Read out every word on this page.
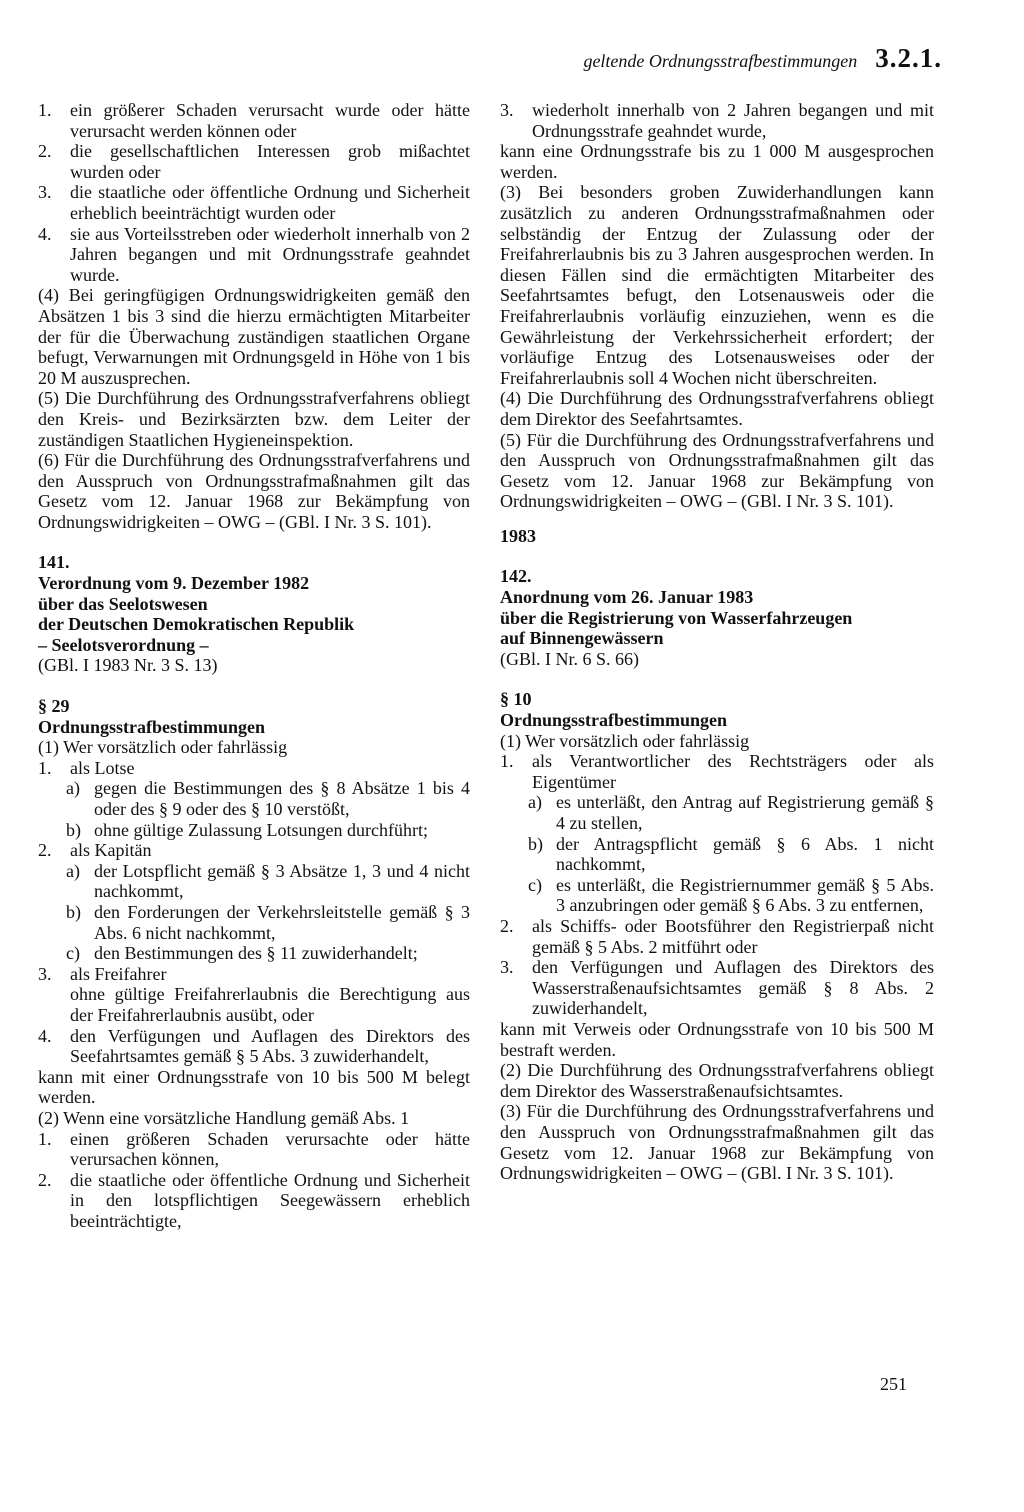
geltende Ordnungsstrafbestimmungen 3.2.1.
1.	ein größerer Schaden verursacht wurde oder hätte verursacht werden können oder
2.	die gesellschaftlichen Interessen grob mißachtet wurden oder
3.	die staatliche oder öffentliche Ordnung und Sicherheit erheblich beeinträchtigt wurden oder
4.	sie aus Vorteilsstreben oder wiederholt innerhalb von 2 Jahren begangen und mit Ordnungsstrafe geahndet wurde.
(4) Bei geringfügigen Ordnungswidrigkeiten gemäß den Absätzen 1 bis 3 sind die hierzu ermächtigten Mitarbeiter der für die Überwachung zuständigen staatlichen Organe befugt, Verwarnungen mit Ordnungsgeld in Höhe von 1 bis 20 M auszusprechen.
(5) Die Durchführung des Ordnungsstrafverfahrens obliegt den Kreis- und Bezirksärzten bzw. dem Leiter der zuständigen Staatlichen Hygieneinspektion.
(6) Für die Durchführung des Ordnungsstrafverfahrens und den Ausspruch von Ordnungsstrafmaßnahmen gilt das Gesetz vom 12. Januar 1968 zur Bekämpfung von Ordnungswidrigkeiten – OWG – (GBl. I Nr. 3 S. 101).
141.
Verordnung vom 9. Dezember 1982
über das Seelotswesen
der Deutschen Demokratischen Republik
– Seelotsverordnung –
(GBl. I 1983 Nr. 3 S. 13)
§ 29
Ordnungsstrafbestimmungen
(1) Wer vorsätzlich oder fahrlässig
1.	als Lotse
a) gegen die Bestimmungen des § 8 Absätze 1 bis 4 oder des § 9 oder des § 10 verstößt,
b) ohne gültige Zulassung Lotsungen durchführt;
2.	als Kapitän
a) der Lotspflicht gemäß § 3 Absätze 1, 3 und 4 nicht nachkommt,
b) den Forderungen der Verkehrsleitstelle gemäß § 3 Abs. 6 nicht nachkommt,
c) den Bestimmungen des § 11 zuwiderhandelt;
3.	als Freifahrer
ohne gültige Freifahrerlaubnis die Berechtigung aus der Freifahrerlaubnis ausübt, oder
4.	den Verfügungen und Auflagen des Direktors des Seefahrtsamtes gemäß § 5 Abs. 3 zuwiderhandelt,
kann mit einer Ordnungsstrafe von 10 bis 500 M belegt werden.
(2) Wenn eine vorsätzliche Handlung gemäß Abs. 1
1.	einen größeren Schaden verursachte oder hätte verursachen können,
2.	die staatliche oder öffentliche Ordnung und Sicherheit in den lotspflichtigen Seegewässern erheblich beeinträchtigte,
3.	wiederholt innerhalb von 2 Jahren begangen und mit Ordnungsstrafe geahndet wurde,
kann eine Ordnungsstrafe bis zu 1 000 M ausgesprochen werden.
(3) Bei besonders groben Zuwiderhandlungen kann zusätzlich zu anderen Ordnungsstrafmaßnahmen oder selbständig der Entzug der Zulassung oder der Freifahrerlaubnis bis zu 3 Jahren ausgesprochen werden. In diesen Fällen sind die ermächtigten Mitarbeiter des Seefahrtsamtes befugt, den Lotsenausweis oder die Freifahrerlaubnis vorläufig einzuziehen, wenn es die Gewährleistung der Verkehrssicherheit erfordert; der vorläufige Entzug des Lotsenausweises oder der Freifahrerlaubnis soll 4 Wochen nicht überschreiten.
(4) Die Durchführung des Ordnungsstrafverfahrens obliegt dem Direktor des Seefahrtsamtes.
(5) Für die Durchführung des Ordnungsstrafverfahrens und den Ausspruch von Ordnungsstrafmaßnahmen gilt das Gesetz vom 12. Januar 1968 zur Bekämpfung von Ordnungswidrigkeiten – OWG – (GBl. I Nr. 3 S. 101).
1983
142.
Anordnung vom 26. Januar 1983
über die Registrierung von Wasserfahrzeugen
auf Binnengewässern
(GBl. I Nr. 6 S. 66)
§ 10
Ordnungsstrafbestimmungen
(1) Wer vorsätzlich oder fahrlässig
1.	als Verantwortlicher des Rechtsträgers oder als Eigentümer
a) es unterläßt, den Antrag auf Registrierung gemäß § 4 zu stellen,
b) der Antragspflicht gemäß § 6 Abs. 1 nicht nachkommt,
c) es unterläßt, die Registriernummer gemäß § 5 Abs. 3 anzubringen oder gemäß § 6 Abs. 3 zu entfernen,
2.	als Schiffs- oder Bootsführer den Registrierpaß nicht gemäß § 5 Abs. 2 mitführt oder
3.	den Verfügungen und Auflagen des Direktors des Wasserstraßenaufsichtsamtes gemäß § 8 Abs. 2 zuwiderhandelt,
kann mit Verweis oder Ordnungsstrafe von 10 bis 500 M bestraft werden.
(2) Die Durchführung des Ordnungsstrafverfahrens obliegt dem Direktor des Wasserstraßenaufsichtsamtes.
(3) Für die Durchführung des Ordnungsstrafverfahrens und den Ausspruch von Ordnungsstrafmaßnahmen gilt das Gesetz vom 12. Januar 1968 zur Bekämpfung von Ordnungswidrigkeiten – OWG – (GBl. I Nr. 3 S. 101).
251
